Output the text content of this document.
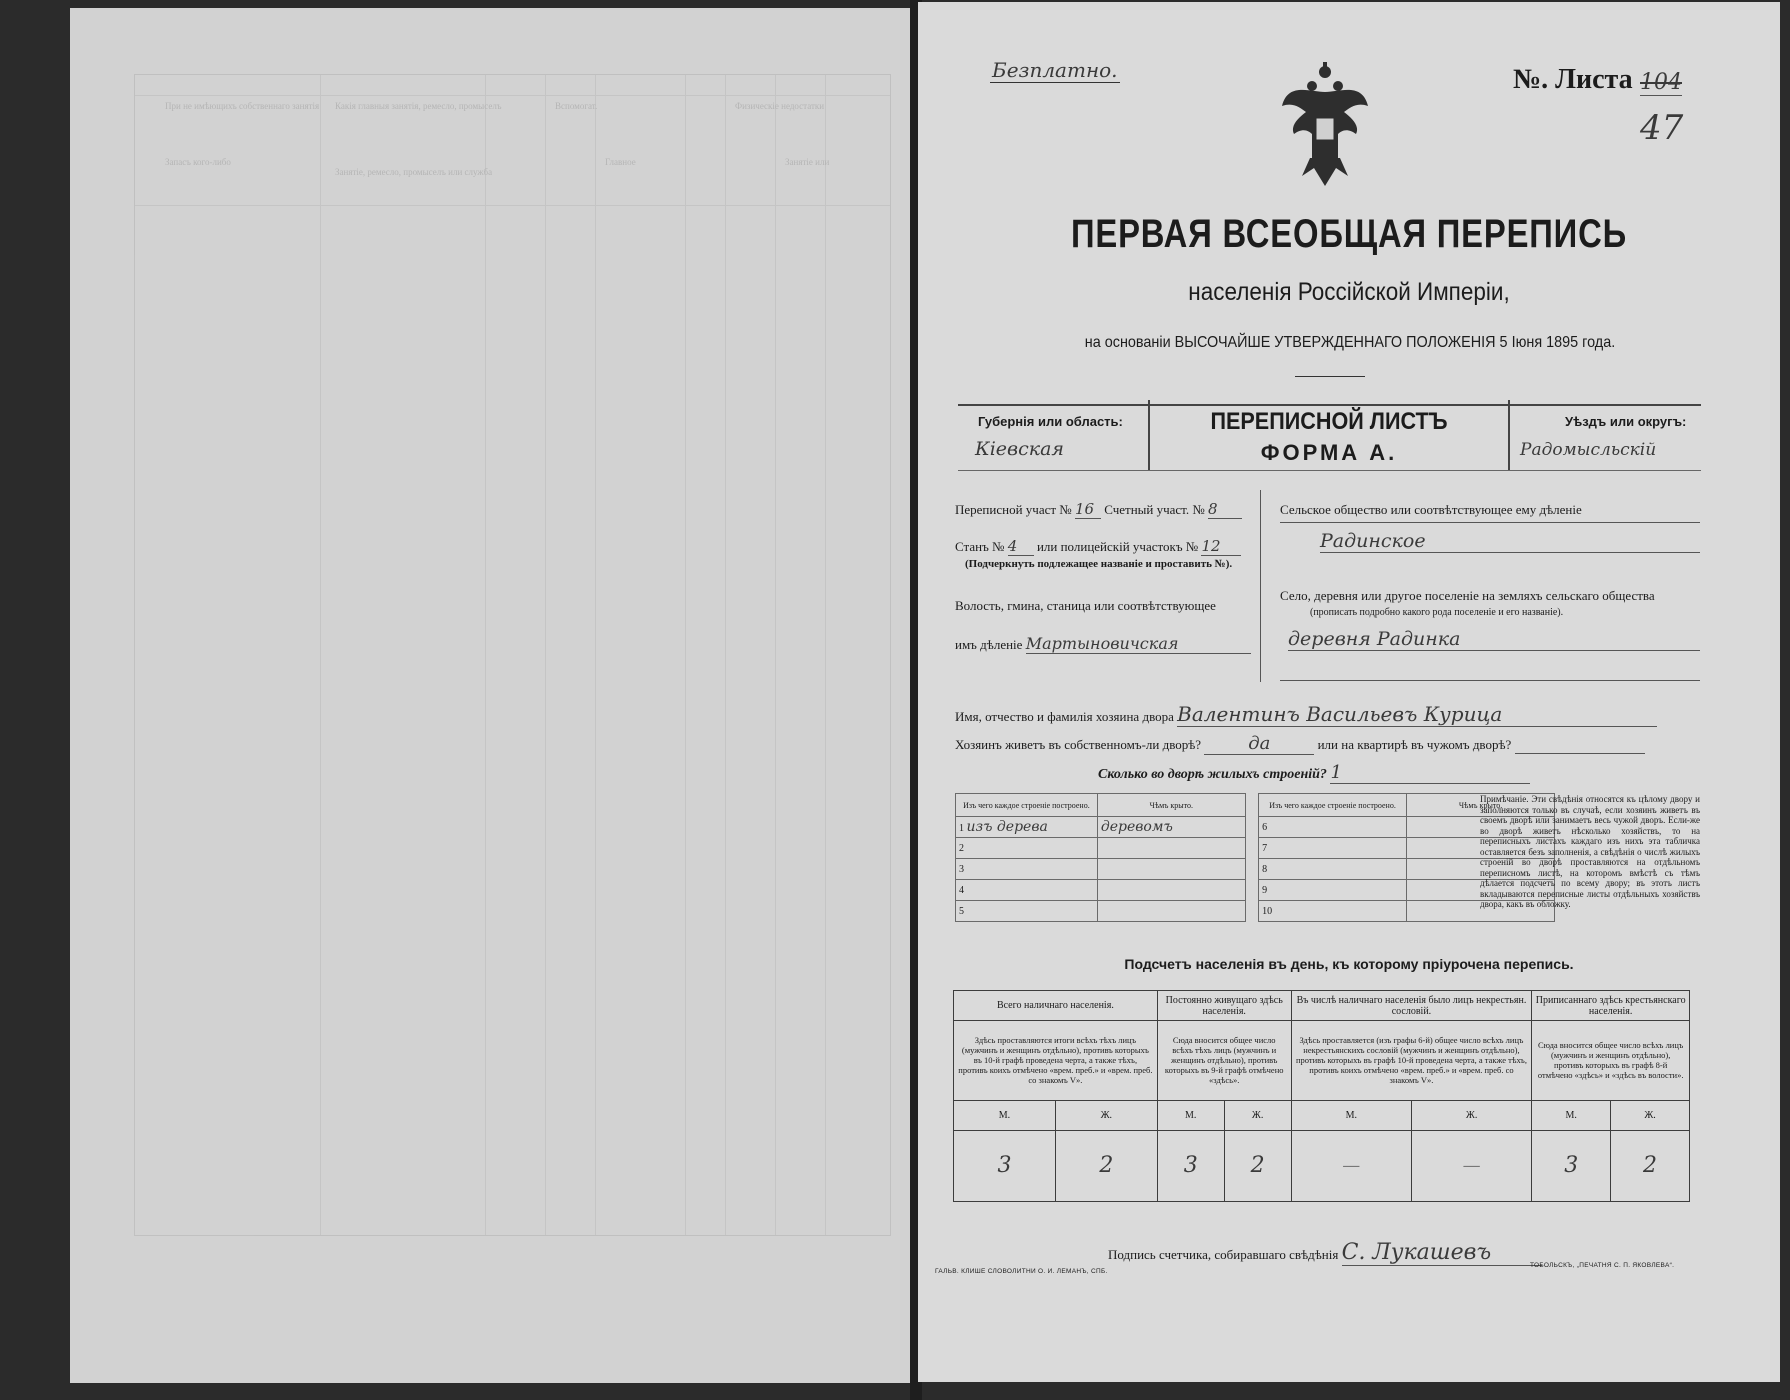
При не имѣющихъ собственнаго занятія Какія главныя занятія, ремесло, промыселъ	Вспомогат.	Физическіе недостатки
Запасъ кого-либо
Занятіе, ремесло, промыселъ или служба
Главное	Занятіе или
Безплатно.	№. Листа 104
47
ПЕРВАЯ ВСЕОБЩАЯ ПЕРЕПИСЬ
населенія Россійской Имперіи,
на основаніи ВЫСОЧАЙШЕ УТВЕРЖДЕННАГО ПОЛОЖЕНІЯ 5 Іюня 1895 года.
Губернія или область:
Кіевская
ПЕРЕПИСНОЙ ЛИСТЪ
ФОРМА А.
Уѣздъ или округъ:
Радомысльскій
Переписной участ № 16 Счетный участ. № 8
Станъ № 4 или полицейскій участокъ № 12
(Подчеркнуть подлежащее названіе и проставить №).
Волость, гмина, станица или соотвѣтствующее
имъ дѣленіе Мартыновичская
Сельское общество или соотвѣтствующее ему дѣленіе
Радинское
Село, деревня или другое поселеніе на земляхъ сельскаго общества
(прописать подробно какого рода поселеніе и его названіе).
деревня Радинка
Имя, отчество и фамилія хозяина двора Валентинъ Васильевъ Курица
Хозяинъ живетъ въ собственномъ-ли дворѣ?	да	или на квартирѣ въ чужомъ дворѣ?
Сколько во дворѣ жилыхъ строеній? 1
Изъ чего каждое строеніе построено.	Чѣмъ крыто.		Изъ чего каждое строеніе построено.	Чѣмъ крыто.
1 изъ дерева	деревомъ		6	
2			7	
3			8	
4			9	
5			10	
Примѣчаніе. Эти свѣдѣнія относятся къ цѣлому двору и заполняются только въ случаѣ, если хозяинъ живетъ въ своемъ дворѣ или занимаетъ весь чужой дворъ. Если-же во дворѣ живетъ нѣсколько хозяйствъ, то на переписныхъ листахъ каждаго изъ нихъ эта табличка оставляется безъ заполненія, а свѣдѣнія о числѣ жилыхъ строеній во дворѣ проставляются на отдѣльномъ переписномъ листѣ, на которомъ вмѣстѣ съ тѣмъ дѣлается подсчетъ по всему двору; въ этотъ листъ вкладываются переписные листы отдѣльныхъ хозяйствъ двора, какъ въ обложку.
Подсчетъ населенія въ день, къ которому пріурочена перепись.
Всего наличнаго населенія.		Постоянно живущаго здѣсь населенія.		Въ числѣ наличнаго населенія было лицъ некрестьян. сословій.		Приписаннаго здѣсь крестьянскаго населенія.	
Здѣсь проставляются итоги всѣхъ тѣхъ лицъ (мужчинъ и женщинъ отдѣльно), противъ которыхъ въ 10-й графѣ проведена черта, а также тѣхъ, противъ коихъ отмѣчено «врем. преб.» и «врем. преб. со знакомъ V».		Сюда вносится общее число всѣхъ тѣхъ лицъ (мужчинъ и женщинъ отдѣльно), противъ которыхъ въ 9-й графѣ отмѣчено «здѣсь».		Здѣсь проставляется (изъ графы 6-й) общее число всѣхъ лицъ некрестьянскихъ сословій (мужчинъ и женщинъ отдѣльно), противъ которыхъ въ графѣ 10-й проведена черта, а также тѣхъ, противъ коихъ отмѣчено «врем. преб.» и «врем. преб. со знакомъ V».		Сюда вносится общее число всѣхъ лицъ (мужчинъ и женщинъ отдѣльно), противъ которыхъ въ графѣ 8-й отмѣчено «здѣсь» и «здѣсь въ волости».	
М.	Ж.	М.	Ж.	М.	Ж.	М.	Ж.
3	2	3	2	—	—	3	2
Подпись счетчика, собиравшаго свѣдѣнія С. Лукашевъ
ГАЛЬВ. КЛИШЕ СЛОВОЛИТНИ О. И. ЛЕМАНЪ, СПБ.
ТОБОЛЬСКЪ, „ПЕЧАТНЯ С. П. ЯКОВЛЕВА“.
